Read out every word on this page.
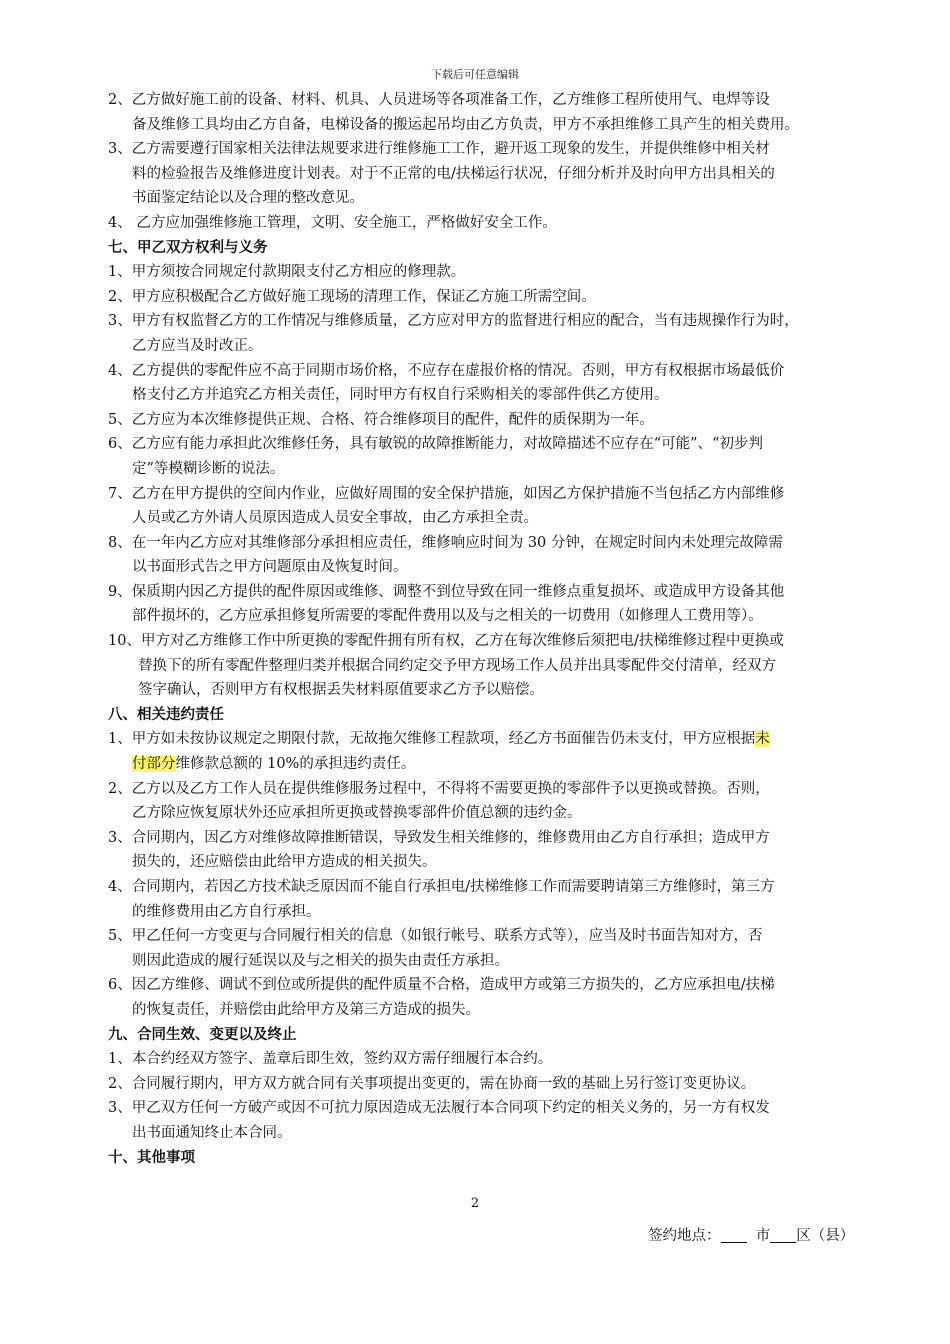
下载后可任意编辑
2、乙方做好施工前的设备、材料、机具、人员进场等各项准备工作，乙方维修工程所使用气、电焊等设
备及维修工具均由乙方自备，电梯设备的搬运起吊均由乙方负责，甲方不承担维修工具产生的相关费用。
3、乙方需要遵行国家相关法律法规要求进行维修施工工作，避开返工现象的发生，并提供维修中相关材
料的检验报告及维修进度计划表。对于不正常的电/扶梯运行状况，仔细分析并及时向甲方出具相关的
书面鉴定结论以及合理的整改意见。
4、 乙方应加强维修施工管理，文明、安全施工，严格做好安全工作。
七、甲乙双方权利与义务
1、甲方须按合同规定付款期限支付乙方相应的修理款。
2、甲方应积极配合乙方做好施工现场的清理工作，保证乙方施工所需空间。
3、甲方有权监督乙方的工作情况与维修质量，乙方应对甲方的监督进行相应的配合，当有违规操作行为时，
乙方应当及时改正。
4、乙方提供的零配件应不高于同期市场价格，不应存在虚报价格的情况。否则，甲方有权根据市场最低价
格支付乙方并追究乙方相关责任，同时甲方有权自行采购相关的零部件供乙方使用。
5、乙方应为本次维修提供正规、合格、符合维修项目的配件，配件的质保期为一年。
6、乙方应有能力承担此次维修任务，具有敏锐的故障推断能力，对故障描述不应存在“可能”、“初步判
定”等模糊诊断的说法。
7、乙方在甲方提供的空间内作业，应做好周围的安全保护措施，如因乙方保护措施不当包括乙方内部维修
人员或乙方外请人员原因造成人员安全事故，由乙方承担全责。
8、在一年内乙方应对其维修部分承担相应责任，维修响应时间为 30 分钟，在规定时间内未处理完故障需
以书面形式告之甲方问题原由及恢复时间。
9、保质期内因乙方提供的配件原因或维修、调整不到位导致在同一维修点重复损坏、或造成甲方设备其他
部件损坏的，乙方应承担修复所需要的零配件费用以及与之相关的一切费用（如修理人工费用等）。
10、甲方对乙方维修工作中所更换的零配件拥有所有权，乙方在每次维修后须把电/扶梯维修过程中更换或
替换下的所有零配件整理归类并根据合同约定交予甲方现场工作人员并出具零配件交付清单，经双方
签字确认，否则甲方有权根据丢失材料原值要求乙方予以赔偿。
八、相关违约责任
1、甲方如未按协议规定之期限付款，无故拖欠维修工程款项，经乙方书面催告仍未支付，甲方应根据未
付部分维修款总额的 10%的承担违约责任。
2、乙方以及乙方工作人员在提供维修服务过程中，不得将不需要更换的零部件予以更换或替换。否则，
乙方除应恢复原状外还应承担所更换或替换零部件价值总额的违约金。
3、合同期内，因乙方对维修故障推断错误，导致发生相关维修的，维修费用由乙方自行承担；造成甲方
损失的，还应赔偿由此给甲方造成的相关损失。
4、合同期内，若因乙方技术缺乏原因而不能自行承担电/扶梯维修工作而需要聘请第三方维修时，第三方
的维修费用由乙方自行承担。
5、甲乙任何一方变更与合同履行相关的信息（如银行帐号、联系方式等），应当及时书面告知对方，否
则因此造成的履行延误以及与之相关的损失由责任方承担。
6、因乙方维修、调试不到位或所提供的配件质量不合格，造成甲方或第三方损失的，乙方应承担电/扶梯
的恢复责任，并赔偿由此给甲方及第三方造成的损失。
九、合同生效、变更以及终止
1、本合约经双方签字、盖章后即生效，签约双方需仔细履行本合约。
2、合同履行期内，甲方双方就合同有关事项提出变更的，需在协商一致的基础上另行签订变更协议。
3、甲乙双方任何一方破产或因不可抗力原因造成无法履行本合同项下约定的相关义务的，另一方有权发
出书面通知终止本合同。
十、其他事项
2
签约地点： 市 区（县）
